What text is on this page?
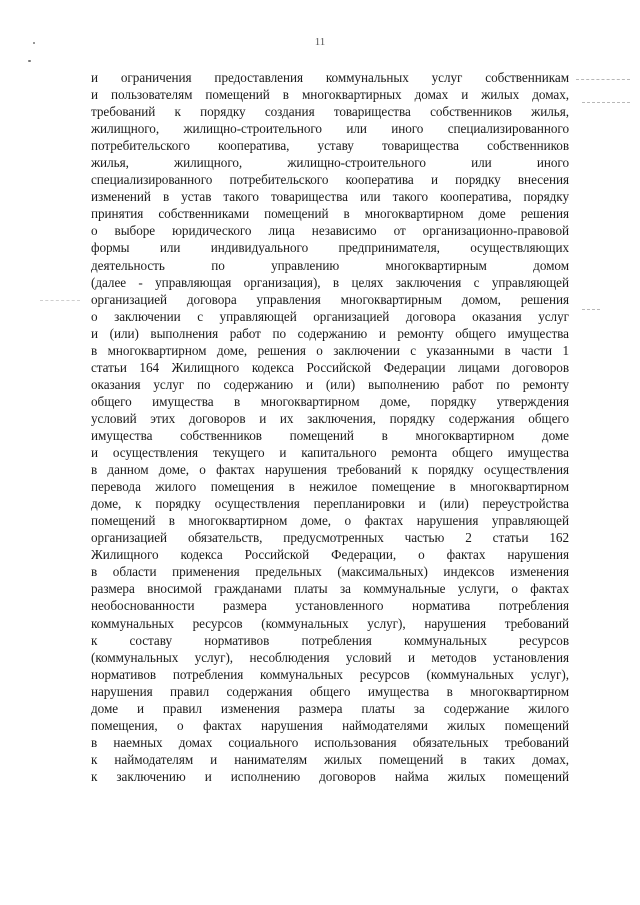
11
и ограничения предоставления коммунальных услуг собственникам
и пользователям помещений в многоквартирных домах и жилых домах,
требований к порядку создания товарищества собственников жилья,
жилищного, жилищно-строительного или иного специализированного
потребительского кооператива, уставу товарищества собственников
жилья, жилищного, жилищно-строительного или иного
специализированного потребительского кооператива и порядку внесения
изменений в устав такого товарищества или такого кооператива, порядку
принятия собственниками помещений в многоквартирном доме решения
о выборе юридического лица независимо от организационно-правовой
формы или индивидуального предпринимателя, осуществляющих
деятельность по управлению многоквартирным домом
(далее - управляющая организация), в целях заключения с управляющей
организацией договора управления многоквартирным домом, решения
о заключении с управляющей организацией договора оказания услуг
и (или) выполнения работ по содержанию и ремонту общего имущества
в многоквартирном доме, решения о заключении с указанными в части 1
статьи 164 Жилищного кодекса Российской Федерации лицами договоров
оказания услуг по содержанию и (или) выполнению работ по ремонту
общего имущества в многоквартирном доме, порядку утверждения
условий этих договоров и их заключения, порядку содержания общего
имущества собственников помещений в многоквартирном доме
и осуществления текущего и капитального ремонта общего имущества
в данном доме, о фактах нарушения требований к порядку осуществления
перевода жилого помещения в нежилое помещение в многоквартирном
доме, к порядку осуществления перепланировки и (или) переустройства
помещений в многоквартирном доме, о фактах нарушения управляющей
организацией обязательств, предусмотренных частью 2 статьи 162
Жилищного кодекса Российской Федерации, о фактах нарушения
в области применения предельных (максимальных) индексов изменения
размера вносимой гражданами платы за коммунальные услуги, о фактах
необоснованности размера установленного норматива потребления
коммунальных ресурсов (коммунальных услуг), нарушения требований
к составу нормативов потребления коммунальных ресурсов
(коммунальных услуг), несоблюдения условий и методов установления
нормативов потребления коммунальных ресурсов (коммунальных услуг),
нарушения правил содержания общего имущества в многоквартирном
доме и правил изменения размера платы за содержание жилого
помещения, о фактах нарушения наймодателями жилых помещений
в наемных домах социального использования обязательных требований
к наймодателям и нанимателям жилых помещений в таких домах,
к заключению и исполнению договоров найма жилых помещений
